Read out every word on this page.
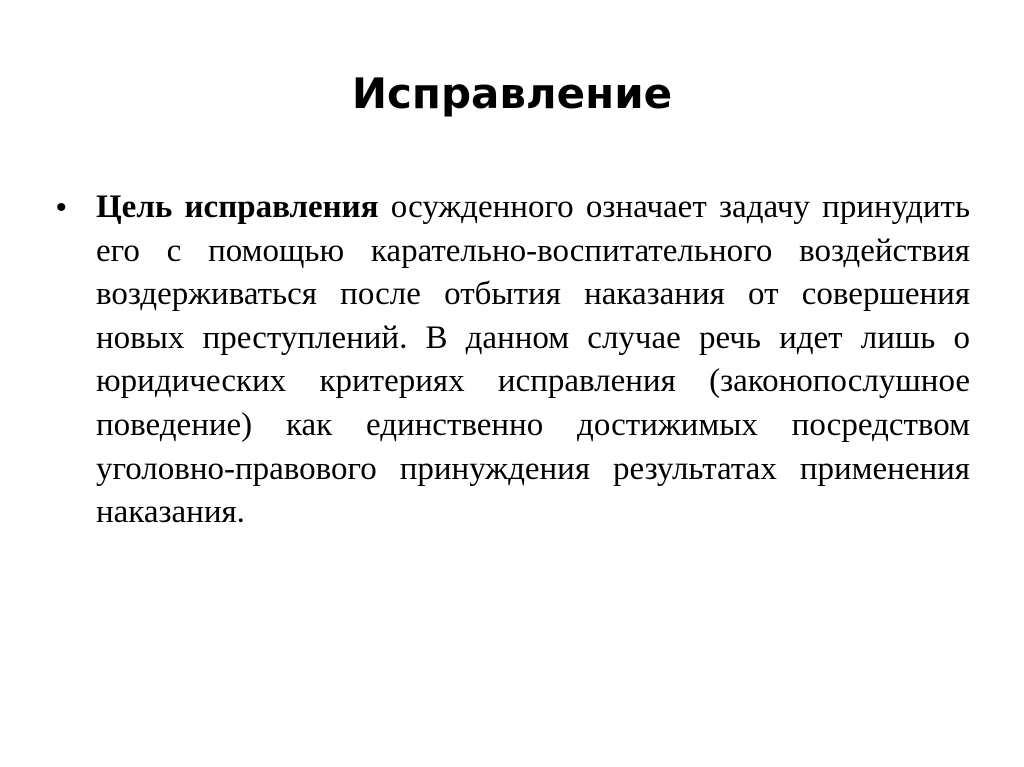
Исправление
• Цель исправления осужденного означает задачу принудить его с помощью карательно-воспитательного воздействия воздерживаться после отбытия наказания от совершения новых преступлений. В данном случае речь идет лишь о юридических критериях исправления (законопослушное поведение) как единственно достижимых посредством уголовно-правового принуждения результатах применения наказания.
